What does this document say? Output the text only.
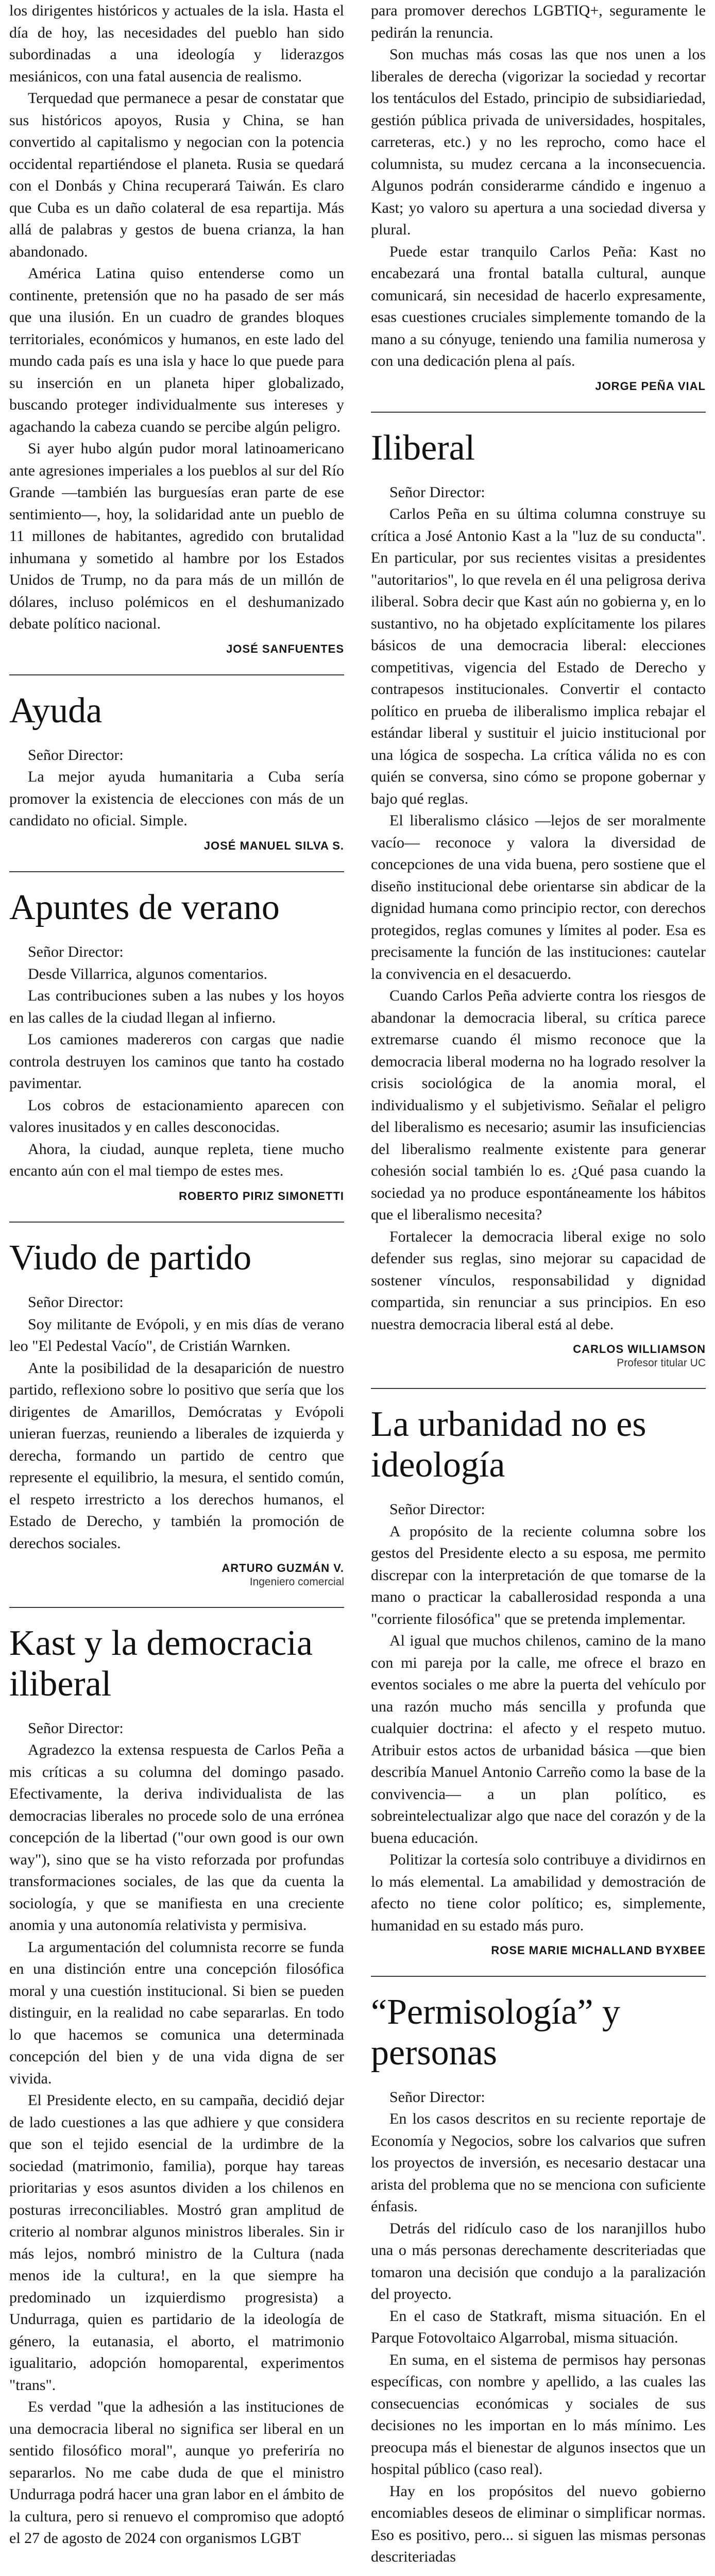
los dirigentes históricos y actuales de la isla. Hasta el día de hoy, las necesidades del pueblo han sido subordinadas a una ideología y liderazgos mesiánicos, con una fatal ausencia de realismo.

Terquedad que permanece a pesar de constatar que sus históricos apoyos, Rusia y China, se han convertido al capitalismo y negocian con la potencia occidental repartiéndose el planeta. Rusia se quedará con el Donbás y China recuperará Taiwán. Es claro que Cuba es un daño colateral de esa repartija. Más allá de palabras y gestos de buena crianza, la han abandonado.

América Latina quiso entenderse como un continente, pretensión que no ha pasado de ser más que una ilusión. En un cuadro de grandes bloques territoriales, económicos y humanos, en este lado del mundo cada país es una isla y hace lo que puede para su inserción en un planeta hiper globalizado, buscando proteger individualmente sus intereses y agachando la cabeza cuando se percibe algún peligro.

Si ayer hubo algún pudor moral latinoamericano ante agresiones imperiales a los pueblos al sur del Río Grande —también las burguesías eran parte de ese sentimiento—, hoy, la solidaridad ante un pueblo de 11 millones de habitantes, agredido con brutalidad inhumana y sometido al hambre por los Estados Unidos de Trump, no da para más de un millón de dólares, incluso polémicos en el deshumanizado debate político nacional.

JOSÉ SANFUENTES
Ayuda

Señor Director:

La mejor ayuda humanitaria a Cuba sería promover la existencia de elecciones con más de un candidato no oficial. Simple.

JOSÉ MANUEL SILVA S.
Apuntes de verano

Señor Director:

Desde Villarrica, algunos comentarios.

Las contribuciones suben a las nubes y los hoyos en las calles de la ciudad llegan al infierno.

Los camiones madereros con cargas que nadie controla destruyen los caminos que tanto ha costado pavimentar.

Los cobros de estacionamiento aparecen con valores inusitados y en calles desconocidas.

Ahora, la ciudad, aunque repleta, tiene mucho encanto aún con el mal tiempo de estes mes.

ROBERTO PIRIZ SIMONETTI
Viudo de partido

Señor Director:

Soy militante de Evópoli, y en mis días de verano leo "El Pedestal Vacío", de Cristián Warnken.

Ante la posibilidad de la desaparición de nuestro partido, reflexiono sobre lo positivo que sería que los dirigentes de Amarillos, Demócratas y Evópoli unieran fuerzas, reuniendo a liberales de izquierda y derecha, formando un partido de centro que represente el equilibrio, la mesura, el sentido común, el respeto irrestricto a los derechos humanos, el Estado de Derecho, y también la promoción de derechos sociales.

ARTURO GUZMÁN V.
Ingeniero comercial
Kast y la democracia iliberal

Señor Director:

Agradezco la extensa respuesta de Carlos Peña a mis críticas a su columna del domingo pasado. Efectivamente, la deriva individualista de las democracias liberales no procede solo de una errónea concepción de la libertad ("our own good is our own way"), sino que se ha visto reforzada por profundas transformaciones sociales, de las que da cuenta la sociología, y que se manifiesta en una creciente anomia y una autonomía relativista y permisiva.

La argumentación del columnista recorre se funda en una distinción entre una concepción filosófica moral y una cuestión institucional. Si bien se pueden distinguir, en la realidad no cabe separarlas. En todo lo que hacemos se comunica una determinada concepción del bien y de una vida digna de ser vivida.

El Presidente electo, en su campaña, decidió dejar de lado cuestiones a las que adhiere y que considera que son el tejido esencial de la urdimbre de la sociedad (matrimonio, familia), porque hay tareas prioritarias y esos asuntos dividen a los chilenos en posturas irreconciliables. Mostró gran amplitud de criterio al nombrar algunos ministros liberales. Sin ir más lejos, nombró ministro de la Cultura (nada menos ide la cultura!, en la que siempre ha predominado un izquierdismo progresista) a Undurraga, quien es partidario de la ideología de género, la eutanasia, el aborto, el matrimonio igualitario, adopción homoparental, experimentos "trans".

Es verdad "que la adhesión a las instituciones de una democracia liberal no significa ser liberal en un sentido filosófico moral", aunque yo preferiría no separarlos. No me cabe duda de que el ministro Undurraga podrá hacer una gran labor en el ámbito de la cultura, pero si renuevo el compromiso que adoptó el 27 de agosto de 2024 con organismos LGBT

para promover derechos LGBTIQ+, seguramente le pedirán la renuncia.

Son muchas más cosas las que nos unen a los liberales de derecha (vigorizar la sociedad y recortar los tentáculos del Estado, principio de subsidiariedad, gestión pública privada de universidades, hospitales, carreteras, etc.) y no les reprocho, como hace el columnista, su mudez cercana a la inconsecuencia. Algunos podrán considerarme cándido e ingenuo a Kast; yo valoro su apertura a una sociedad diversa y plural.

Puede estar tranquilo Carlos Peña: Kast no encabezará una frontal batalla cultural, aunque comunicará, sin necesidad de hacerlo expresamente, esas cuestiones cruciales simplemente tomando de la mano a su cónyuge, teniendo una familia numerosa y con una dedicación plena al país.

JORGE PEÑA VIAL
Iliberal

Señor Director:

Carlos Peña en su última columna construye su crítica a José Antonio Kast a la "luz de su conducta". En particular, por sus recientes visitas a presidentes "autoritarios", lo que revela en él una peligrosa deriva iliberal. Sobra decir que Kast aún no gobierna y, en lo sustantivo, no ha objetado explícitamente los pilares básicos de una democracia liberal: elecciones competitivas, vigencia del Estado de Derecho y contrapesos institucionales. Convertir el contacto político en prueba de iliberalismo implica rebajar el estándar liberal y sustituir el juicio institucional por una lógica de sospecha. La crítica válida no es con quién se conversa, sino cómo se propone gobernar y bajo qué reglas.

El liberalismo clásico —lejos de ser moralmente vacío— reconoce y valora la diversidad de concepciones de una vida buena, pero sostiene que el diseño institucional debe orientarse sin abdicar de la dignidad humana como principio rector, con derechos protegidos, reglas comunes y límites al poder. Esa es precisamente la función de las instituciones: cautelar la convivencia en el desacuerdo.

Cuando Carlos Peña advierte contra los riesgos de abandonar la democracia liberal, su crítica parece extremarse cuando él mismo reconoce que la democracia liberal moderna no ha logrado resolver la crisis sociológica de la anomia moral, el individualismo y el subjetivismo. Señalar el peligro del liberalismo es necesario; asumir las insuficiencias del liberalismo realmente existente para generar cohesión social también lo es. ¿Qué pasa cuando la sociedad ya no produce espontáneamente los hábitos que el liberalismo necesita?

Fortalecer la democracia liberal exige no solo defender sus reglas, sino mejorar su capacidad de sostener vínculos, responsabilidad y dignidad compartida, sin renunciar a sus principios. En eso nuestra democracia liberal está al debe.

CARLOS WILLIAMSON
Profesor titular UC
La urbanidad no es ideología

Señor Director:

A propósito de la reciente columna sobre los gestos del Presidente electo a su esposa, me permito discrepar con la interpretación de que tomarse de la mano o practicar la caballerosidad responda a una "corriente filosófica" que se pretenda implementar.

Al igual que muchos chilenos, camino de la mano con mi pareja por la calle, me ofrece el brazo en eventos sociales o me abre la puerta del vehículo por una razón mucho más sencilla y profunda que cualquier doctrina: el afecto y el respeto mutuo. Atribuir estos actos de urbanidad básica —que bien describía Manuel Antonio Carreño como la base de la convivencia— a un plan político, es sobreintelectualizar algo que nace del corazón y de la buena educación.

Politizar la cortesía solo contribuye a dividirnos en lo más elemental. La amabilidad y demostración de afecto no tiene color político; es, simplemente, humanidad en su estado más puro.

ROSE MARIE MICHALLAND BYXBEE
“Permisología” y personas

Señor Director:

En los casos descritos en su reciente reportaje de Economía y Negocios, sobre los calvarios que sufren los proyectos de inversión, es necesario destacar una arista del problema que no se menciona con suficiente énfasis.

Detrás del ridículo caso de los naranjillos hubo una o más personas derechamente descriteriadas que tomaron una decisión que condujo a la paralización del proyecto.

En el caso de Statkraft, misma situación. En el Parque Fotovoltaico Algarrobal, misma situación.

En suma, en el sistema de permisos hay personas específicas, con nombre y apellido, a las cuales las consecuencias económicas y sociales de sus decisiones no les importan en lo más mínimo. Les preocupa más el bienestar de algunos insectos que un hospital público (caso real).

Hay en los propósitos del nuevo gobierno encomiables deseos de eliminar o simplificar normas. Eso es positivo, pero... si siguen las mismas personas descriteriadas
